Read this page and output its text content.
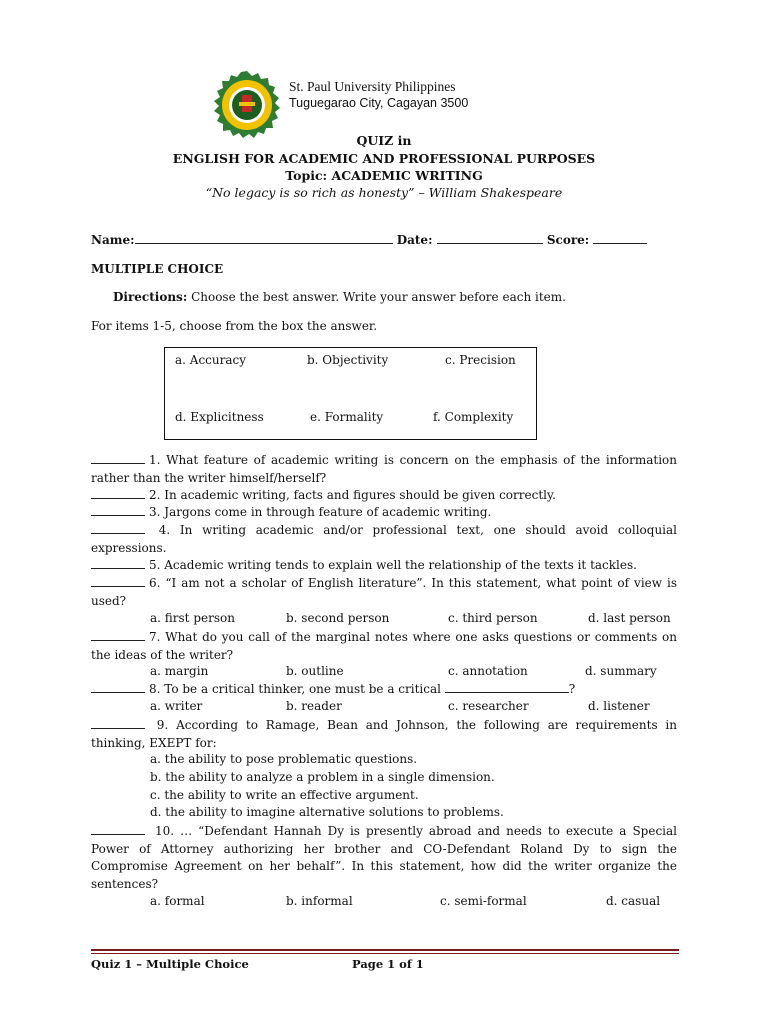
St. Paul University Philippines
Tuguegarao City, Cagayan 3500
QUIZ in
ENGLISH FOR ACADEMIC AND PROFESSIONAL PURPOSES
Topic: ACADEMIC WRITING
“No legacy is so rich as honesty” – William Shakespeare
Name:	Date:	Score:
MULTIPLE CHOICE
Directions: Choose the best answer. Write your answer before each item.
For items 1-5, choose from the box the answer.
a. Accuracy	b. Objectivity	c. Precision
d. Explicitness	e. Formality	f. Complexity
1. What feature of academic writing is concern on the emphasis of the information rather than the writer himself/herself?
2. In academic writing, facts and figures should be given correctly.
3. Jargons come in through feature of academic writing.
4. In writing academic and/or professional text, one should avoid colloquial expressions.
5. Academic writing tends to explain well the relationship of the texts it tackles.
6. “I am not a scholar of English literature”. In this statement, what point of view is used?
a. first person	b. second person	c. third person	d. last person
7. What do you call of the marginal notes where one asks questions or comments on the ideas of the writer?
a. margin	b. outline	c. annotation	d. summary
8. To be a critical thinker, one must be a critical	?
a. writer	b. reader	c. researcher	d. listener
9. According to Ramage, Bean and Johnson, the following are requirements in thinking, EXEPT for:
a. the ability to pose problematic questions.
b. the ability to analyze a problem in a single dimension.
c. the ability to write an effective argument.
d. the ability to imagine alternative solutions to problems.
10. … “Defendant Hannah Dy is presently abroad and needs to execute a Special Power of Attorney authorizing her brother and CO-Defendant Roland Dy to sign the Compromise Agreement on her behalf”. In this statement, how did the writer organize the sentences?
a. formal	b. informal	c. semi-formal	d. casual
Quiz 1 – Multiple Choice	Page 1 of 1
